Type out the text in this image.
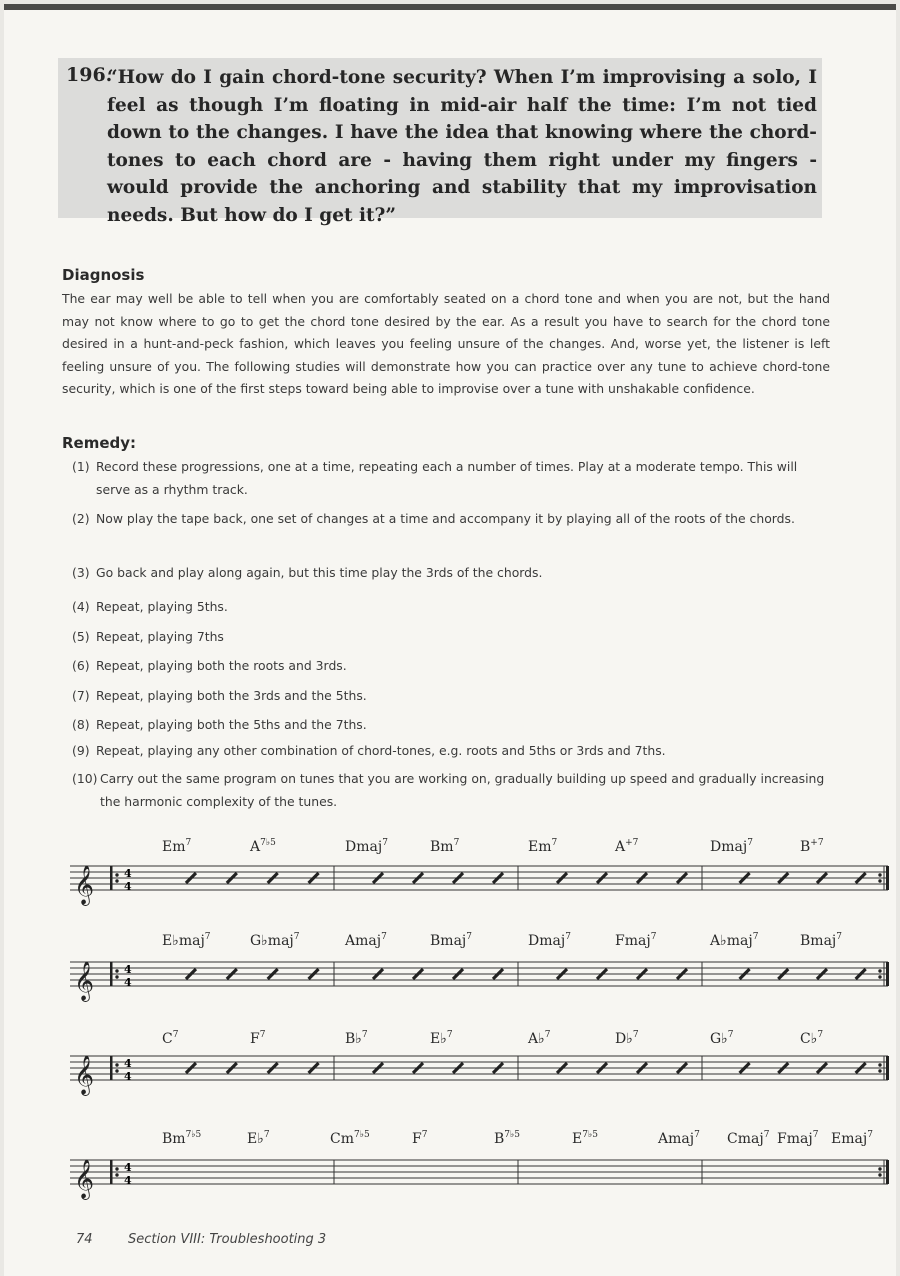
196.
“How do I gain chord-tone security? When I’m improvising a solo, I feel as though I’m floating in mid-air half the time: I’m not tied down to the changes. I have the idea that knowing where the chord-tones to each chord are - having them right under my fingers - would provide the anchoring and stability that my improvisation needs. But how do I get it?”
Diagnosis
The ear may well be able to tell when you are comfortably seated on a chord tone and when you are not, but the hand may not know where to go to get the chord tone desired by the ear. As a result you have to search for the chord tone desired in a hunt-and-peck fashion, which leaves you feeling unsure of the changes. And, worse yet, the listener is left feeling unsure of you. The following studies will demonstrate how you can practice over any tune to achieve chord-tone security, which is one of the first steps toward being able to improvise over a tune with unshakable confidence.
Remedy:
(1) Record these progressions, one at a time, repeating each a number of times. Play at a moderate tempo. This will serve as a rhythm track.
(2) Now play the tape back, one set of changes at a time and accompany it by playing all of the roots of the chords.
(3) Go back and play along again, but this time play the 3rds of the chords.
(4) Repeat, playing 5ths.
(5) Repeat, playing 7ths
(6) Repeat, playing both the roots and 3rds.
(7) Repeat, playing both the 3rds and the 5ths.
(8) Repeat, playing both the 5ths and the 7ths.
(9) Repeat, playing any other combination of chord-tones, e.g. roots and 5ths or 3rds and 7ths.
(10) Carry out the same program on tunes that you are working on, gradually building up speed and gradually increasing the harmonic complexity of the tunes.
𝄞	4
4
Em$^7$	$A^{7♭5}$	Dmaj$^7$	Bm$^7$	Em$^7$	$A^{+7}$	Dmaj$^7$	$B^{+7}$
𝄞	4
4
E♭maj$^7$	G♭maj$^7$	Amaj$^7$	Bmaj$^7$	Dmaj$^7$	Fmaj$^7$	A♭maj$^7$	Bmaj$^7$
𝄞	4
4
$C^7$	$F^7$	B♭$^7$	E♭$^7$	A♭$^7$	D♭$^7$	G♭$^7$	C♭$^7$
𝄞	4
4
$Bm^{7♭5}$	E♭$^7$	$Cm^{7♭5}$	$F^7$	$B^{7♭5}$	$E^{7♭5}$	Amaj$^7$ Cmaj$^7$ Fmaj$^7$ Emaj$^7$
74	Section VIII: Troubleshooting 3
